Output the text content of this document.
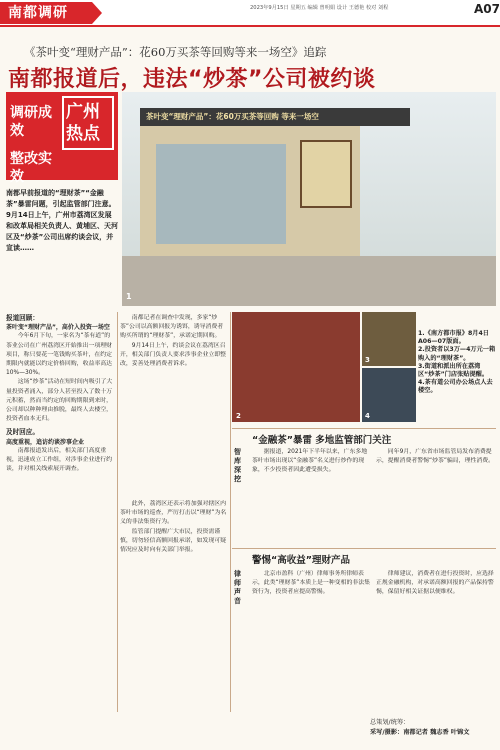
南都调研	2023年9月15日 星期五 编辑 曾明娟 设计 王德艳 校对 刘程	A07
《茶叶变“理财产品”：花60万买茶等回购等来一场空》追踪
南都报道后，违法“炒茶”公司被约谈
调研成效
整改实效
广州
热点
南都早前报道的“理财茶”“金融茶”暴雷问题，引起监管部门注意。9月14日上午，广州市荔湾区发展和改革局相关负责人、黄埔区、天河区及“炒茶”公司出席约谈会议，并宣读……
茶叶变“理财产品”：花60万买茶等回购 等来一场空
1
报道回顾：
茶叶变“理财产品”，高价入投资一场空

今年6月下旬，一家名为“茶有道”的茶业公司在广州荔湾区开始推出一项理财项目，称只要花一笔钱购买茶叶，在约定期限内就能以约定价格回购，收益率高达10%—30%。

这场“炒茶”活动在短时间内吸引了大量投资者涌入，部分人甚至投入了数十万元积蓄，然而当约定的回购期限到来时，公司却以种种理由推脱，最终人去楼空，投资者血本无归。

及时回应。
高度重视，追访约谈涉事企业

南都报道发出后，相关部门高度重视，迅速成立工作组，对涉事企业进行约谈，并对相关线索展开调查。

南都记者在调查中发现，多家“炒茶”公司以高额回报为诱饵，诱导消费者购买所谓的“理财茶”，承诺定期回购。

9月14日上午，约谈会议在荔湾区召开，相关部门负责人要求涉事企业立即整改，妥善处理消费者诉求。

此外，荔湾区还表示将加强对辖区内茶叶市场的巡查，严厉打击以“理财”为名义的非法集资行为。

监管部门提醒广大市民，投资需谨慎，切勿轻信高额回报承诺，如发现可疑情况应及时向有关部门举报。

2
3
4
1.《南方都市报》8月4日A06—07版面。
2.投资者以3万—4万元一箱购入的“理财茶”。
3.街道和派出所在荔湾区“炒茶”门店张贴提醒。
4.茶有道公司办公场点人去楼空。
“金融茶”暴雷 多地监管部门关注
智库深挖

据报道，2021年下半年以来，广东多地茶叶市场出现以“金融茶”名义进行炒作的现象，不少投资者因此遭受损失。

同年9月，广东省市场监管局发布消费提示，提醒消费者警惕“炒茶”骗局，理性消费。

警惕“高收益”理财产品
律师声音

北京市盈科（广州）律师事务所律师表示，此类“理财茶”本质上是一种变相的非法集资行为，投资者应提高警惕。

律师建议，消费者在进行投资时，应选择正规金融机构，对承诺高额回报的产品保持警惕，保留好相关证据以便维权。

总策划/统筹：
采写/摄影：南都记者 魏志香 叶锦文
